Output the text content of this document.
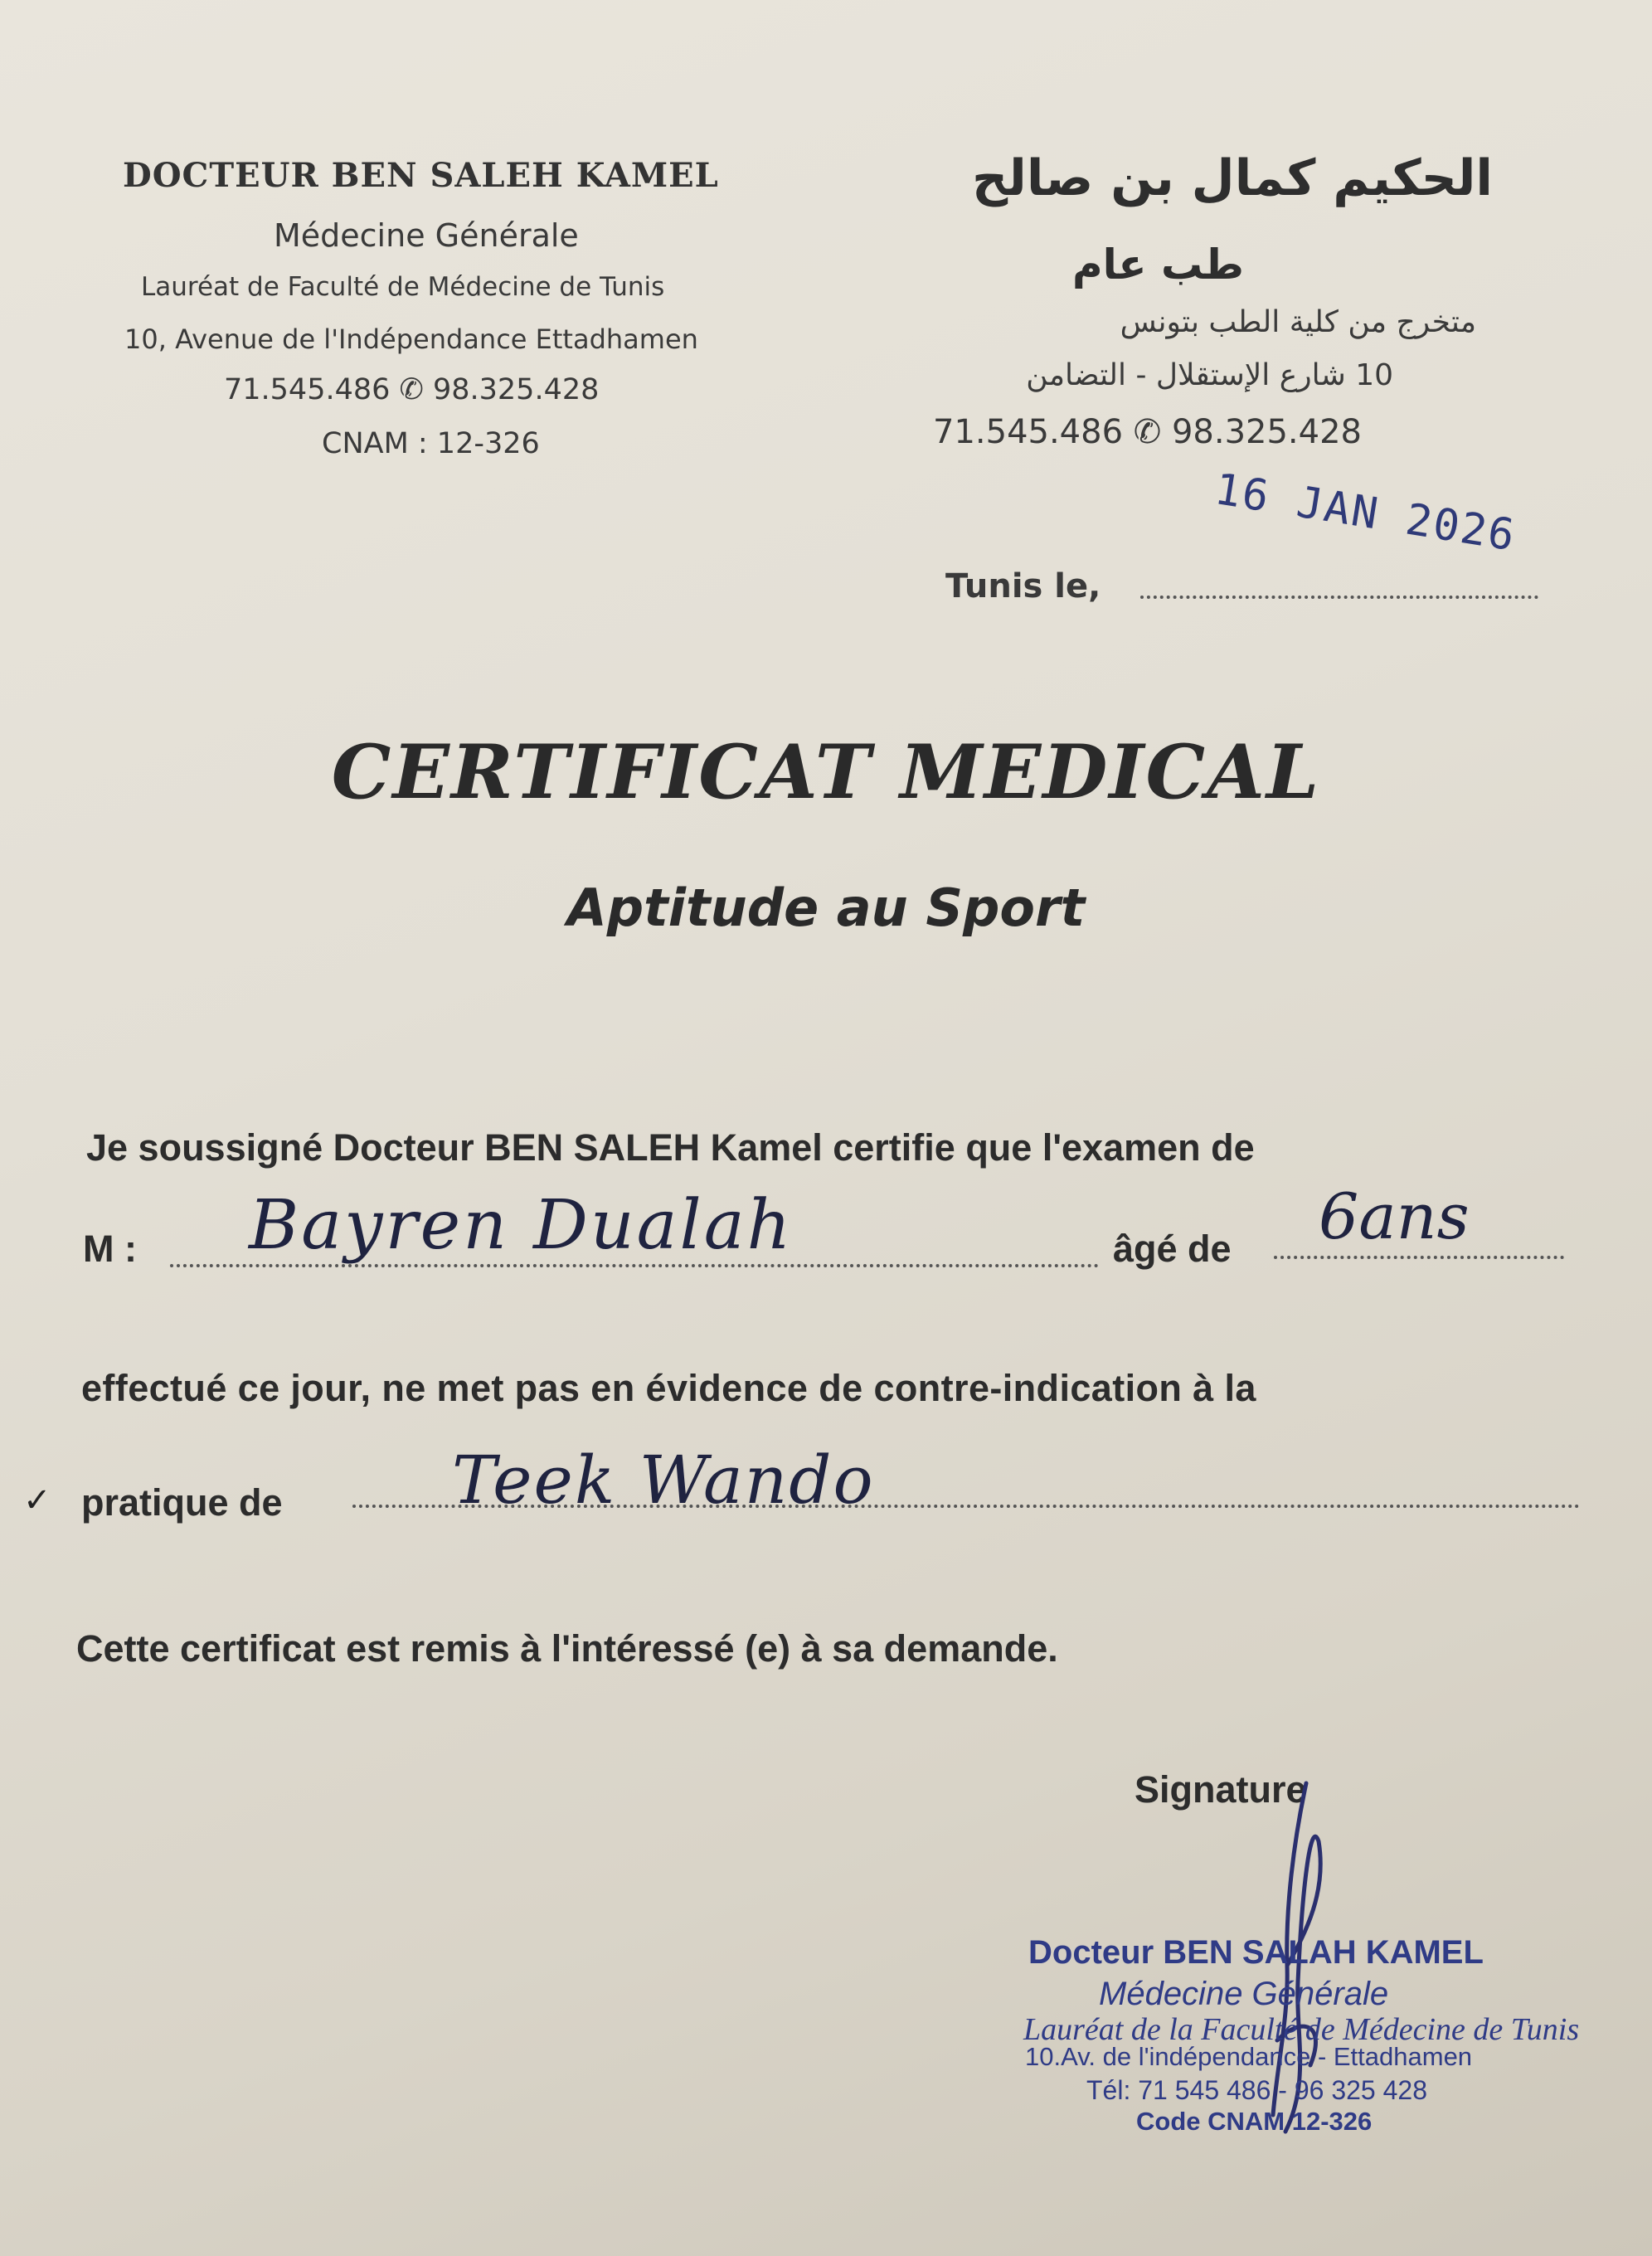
DOCTEUR BEN SALEH KAMEL
Médecine Générale
Lauréat de Faculté de Médecine de Tunis
10, Avenue de l'Indépendance Ettadhamen
71.545.486 ✆ 98.325.428
CNAM : 12-326
الحكيم كمال بن صالح
طب عام
متخرج من كلية الطب بتونس
10 شارع الإستقلال - التضامن
71.545.486 ✆ 98.325.428
16 JAN 2026
Tunis le,
CERTIFICAT MEDICAL
Aptitude au Sport
Je soussigné Docteur BEN SALEH Kamel certifie que l'examen de
M : Bayren Dualah	âgé de 6ans
effectué ce jour, ne met pas en évidence de contre-indication à la
✓ pratique de	Teek Wando
Cette certificat est remis à l'intéressé (e) à sa demande.
Signature
Docteur BEN SALAH KAMEL
Médecine Générale
Lauréat de la Faculté de Médecine de Tunis
10.Av. de l'indépendance - Ettadhamen
Tél: 71 545 486 - 96 325 428
Code CNAM 12-326
